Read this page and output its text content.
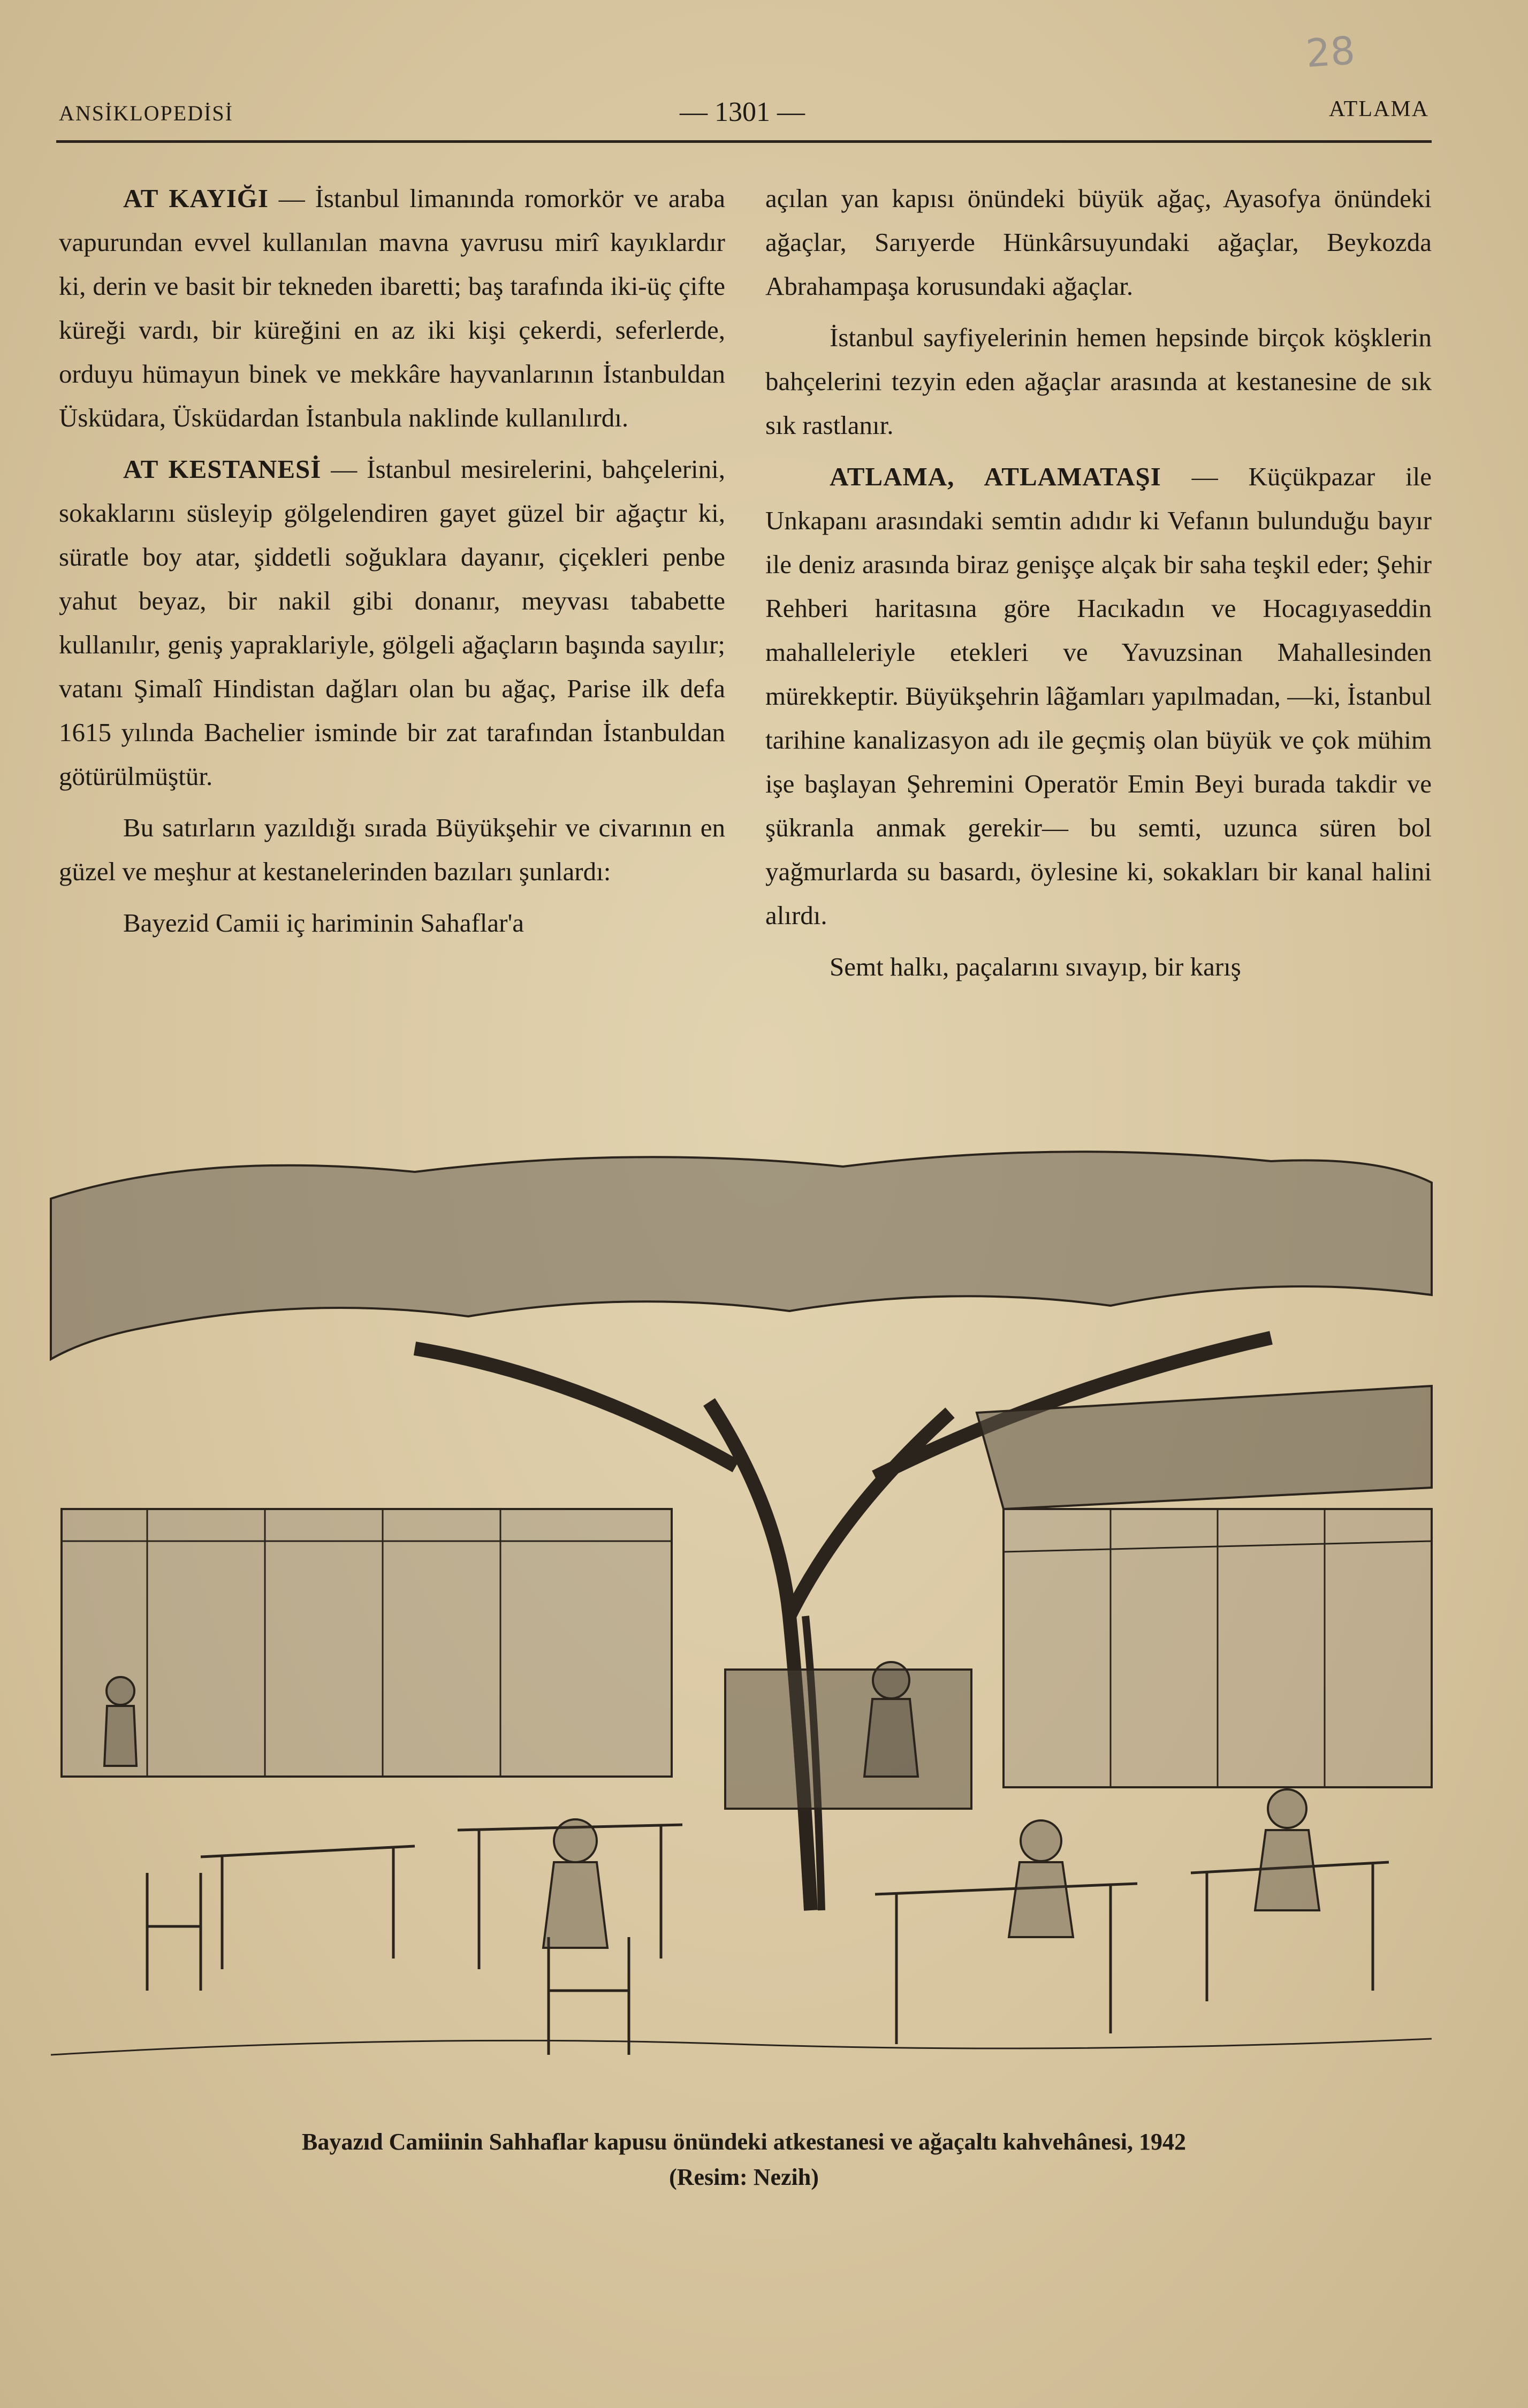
28
ANSİKLOPEDİSİ	— 1301 —	ATLAMA

AT KAYIĞI — İstanbul limanında romorkör ve araba vapurundan evvel kullanılan mavna yavrusu mirî kayıklardır ki, derin ve basit bir tekneden ibaretti; baş tarafında iki-üç çifte küreği vardı, bir küreğini en az iki kişi çekerdi, seferlerde, orduyu hümayun binek ve mekkâre hayvanlarının İstanbuldan Üsküdara, Üsküdardan İstanbula naklinde kullanılırdı.

AT KESTANESİ — İstanbul mesirelerini, bahçelerini, sokaklarını süsleyip gölgelendiren gayet güzel bir ağaçtır ki, süratle boy atar, şiddetli soğuklara dayanır, çiçekleri penbe yahut beyaz, bir nakil gibi donanır, meyvası tababette kullanılır, geniş yapraklariyle, gölgeli ağaçların başında sayılır; vatanı Şimalî Hindistan dağları olan bu ağaç, Parise ilk defa 1615 yılında Bachelier isminde bir zat tarafından İstanbuldan götürülmüştür.

Bu satırların yazıldığı sırada Büyükşehir ve civarının en güzel ve meşhur at kestanelerinden bazıları şunlardı:

Bayezid Camii iç hariminin Sahaflar'a

açılan yan kapısı önündeki büyük ağaç, Ayasofya önündeki ağaçlar, Sarıyerde Hünkârsuyundaki ağaçlar, Beykozda Abrahampaşa korusundaki ağaçlar.

İstanbul sayfiyelerinin hemen hepsinde birçok köşklerin bahçelerini tezyin eden ağaçlar arasında at kestanesine de sık sık rastlanır.

ATLAMA, ATLAMATAŞI — Küçükpazar ile Unkapanı arasındaki semtin adıdır ki Vefanın bulunduğu bayır ile deniz arasında biraz genişçe alçak bir saha teşkil eder; Şehir Rehberi haritasına göre Hacıkadın ve Hocagıyaseddin mahalleleriyle etekleri ve Yavuzsinan Mahallesinden mürekkeptir. Büyükşehrin lâğamları yapılmadan, —ki, İstanbul tarihine kanalizasyon adı ile geçmiş olan büyük ve çok mühim işe başlayan Şehremini Operatör Emin Beyi burada takdir ve şükranla anmak gerekir— bu semti, uzunca süren bol yağmurlarda su basardı, öylesine ki, sokakları bir kanal halini alırdı.

Semt halkı, paçalarını sıvayıp, bir karış

Bayazıd Camiinin Sahhaflar kapusu önündeki atkestanesi ve ağaçaltı kahvehânesi, 1942
(Resim: Nezih)
